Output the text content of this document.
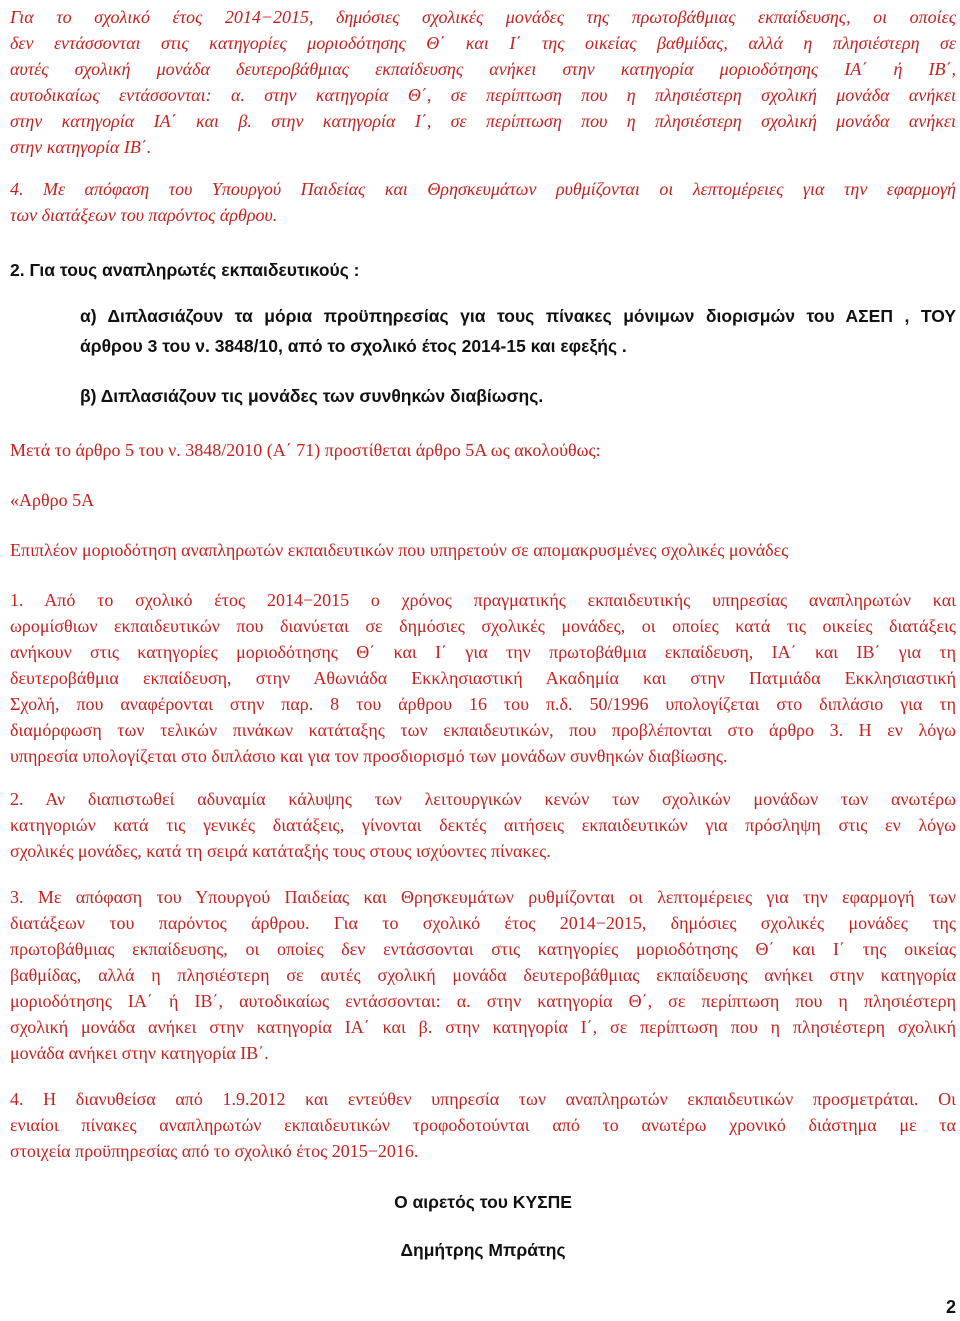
Για το σχολικό έτος 2014−2015, δημόσιες σχολικές μονάδες της πρωτοβάθμιας εκπαίδευσης, οι οποίες
δεν εντάσσονται στις κατηγορίες μοριοδότησης Θ΄ και Ι΄ της οικείας βαθμίδας, αλλά η πλησιέστερη σε
αυτές σχολική μονάδα δευτεροβάθμιας εκπαίδευσης ανήκει στην κατηγορία μοριοδότησης ΙΑ΄ ή ΙΒ΄,
αυτοδικαίως εντάσσονται: α. στην κατηγορία Θ΄, σε περίπτωση που η πλησιέστερη σχολική μονάδα ανήκει
στην κατηγορία ΙΑ΄ και β. στην κατηγορία Ι΄, σε περίπτωση που η πλησιέστερη σχολική μονάδα ανήκει
στην κατηγορία ΙΒ΄.
4. Με απόφαση του Υπουργού Παιδείας και Θρησκευμάτων ρυθμίζονται οι λεπτομέρειες για την εφαρμογή
των διατάξεων του παρόντος άρθρου.
2. Για τους αναπληρωτές εκπαιδευτικούς :
α) Διπλασιάζουν τα μόρια προϋπηρεσίας για τους πίνακες μόνιμων διορισμών του ΑΣΕΠ , ΤΟΥ
άρθρου 3 του ν. 3848/10, από το σχολικό έτος 2014-15 και εφεξής .
β) Διπλασιάζουν τις μονάδες των συνθηκών διαβίωσης.
Μετά το άρθρο 5 του ν. 3848/2010 (Α΄ 71) προστίθεται άρθρο 5Α ως ακολούθως:
«Αρθρο 5Α
Επιπλέον μοριοδότηση αναπληρωτών εκπαιδευτικών που υπηρετούν σε απομακρυσμένες σχολικές μονάδες
1. Από το σχολικό έτος 2014−2015 ο χρόνος πραγματικής εκπαιδευτικής υπηρεσίας αναπληρωτών και
ωρομίσθιων εκπαιδευτικών που διανύεται σε δημόσιες σχολικές μονάδες, οι οποίες κατά τις οικείες διατάξεις
ανήκουν στις κατηγορίες μοριοδότησης Θ΄ και Ι΄ για την πρωτοβάθμια εκπαίδευση, ΙΑ΄ και ΙΒ΄ για τη
δευτεροβάθμια εκπαίδευση, στην Αθωνιάδα Εκκλησιαστική Ακαδημία και στην Πατμιάδα Εκκλησιαστική
Σχολή, που αναφέρονται στην παρ. 8 του άρθρου 16 του π.δ. 50/1996 υπολογίζεται στο διπλάσιο για τη
διαμόρφωση των τελικών πινάκων κατάταξης των εκπαιδευτικών, που προβλέπονται στο άρθρο 3. Η εν λόγω
υπηρεσία υπολογίζεται στο διπλάσιο και για τον προσδιορισμό των μονάδων συνθηκών διαβίωσης.
2. Αν διαπιστωθεί αδυναμία κάλυψης των λειτουργικών κενών των σχολικών μονάδων των ανωτέρω
κατηγοριών κατά τις γενικές διατάξεις, γίνονται δεκτές αιτήσεις εκπαιδευτικών για πρόσληψη στις εν λόγω
σχολικές μονάδες, κατά τη σειρά κατάταξής τους στους ισχύοντες πίνακες.
3. Με απόφαση του Υπουργού Παιδείας και Θρησκευμάτων ρυθμίζονται οι λεπτομέρειες για την εφαρμογή των
διατάξεων του παρόντος άρθρου. Για το σχολικό έτος 2014−2015, δημόσιες σχολικές μονάδες της
πρωτοβάθμιας εκπαίδευσης, οι οποίες δεν εντάσσονται στις κατηγορίες μοριοδότησης Θ΄ και Ι΄ της οικείας
βαθμίδας, αλλά η πλησιέστερη σε αυτές σχολική μονάδα δευτεροβάθμιας εκπαίδευσης ανήκει στην κατηγορία
μοριοδότησης ΙΑ΄ ή ΙΒ΄, αυτοδικαίως εντάσσονται: α. στην κατηγορία Θ΄, σε περίπτωση που η πλησιέστερη
σχολική μονάδα ανήκει στην κατηγορία ΙΑ΄ και β. στην κατηγορία Ι΄, σε περίπτωση που η πλησιέστερη σχολική
μονάδα ανήκει στην κατηγορία ΙΒ΄.
4. Η διανυθείσα από 1.9.2012 και εντεύθεν υπηρεσία των αναπληρωτών εκπαιδευτικών προσμετράται. Οι
ενιαίοι πίνακες αναπληρωτών εκπαιδευτικών τροφοδοτούνται από το ανωτέρω χρονικό διάστημα με τα
στοιχεία προϋπηρεσίας από το σχολικό έτος 2015−2016.
Ο αιρετός του ΚΥΣΠΕ
Δημήτρης Μπράτης
2
